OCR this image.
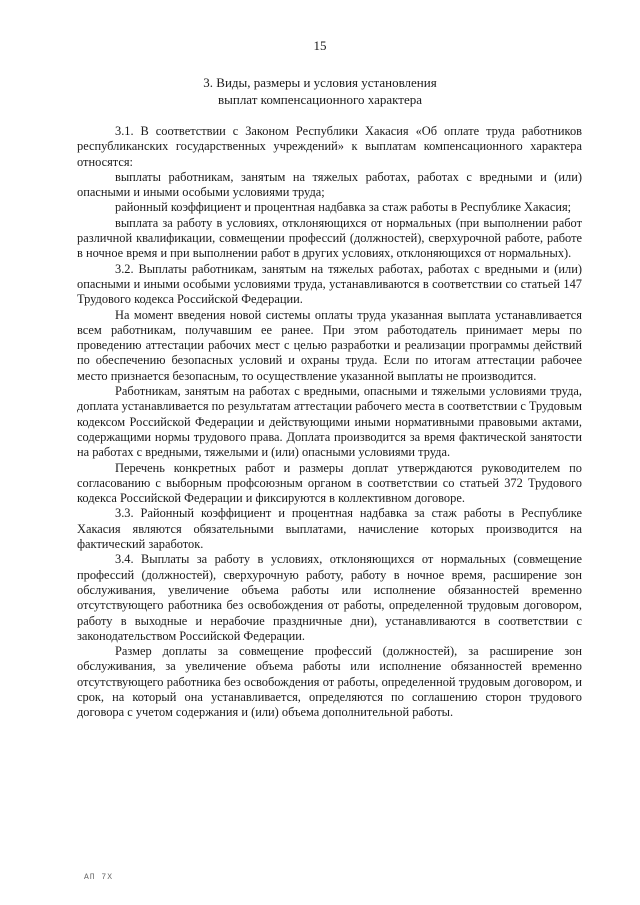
15
3. Виды, размеры и условия установления
выплат компенсационного характера

3.1. В соответствии с Законом Республики Хакасия «Об оплате труда работников республиканских государственных учреждений» к выплатам компенсационного характера относятся:

выплаты работникам, занятым на тяжелых работах, работах с вредными и (или) опасными и иными особыми условиями труда;

районный коэффициент и процентная надбавка за стаж работы в Республике Хакасия;

выплата за работу в условиях, отклоняющихся от нормальных (при выполнении работ различной квалификации, совмещении профессий (должностей), сверхурочной работе, работе в ночное время и при выполнении работ в других условиях, отклоняющихся от нормальных).

3.2. Выплаты работникам, занятым на тяжелых работах, работах с вредными и (или) опасными и иными особыми условиями труда, устанавливаются в соответствии со статьей 147 Трудового кодекса Российской Федерации.

На момент введения новой системы оплаты труда указанная выплата устанавливается всем работникам, получавшим ее ранее. При этом работодатель принимает меры по проведению аттестации рабочих мест с целью разработки и реализации программы действий по обеспечению безопасных условий и охраны труда. Если по итогам аттестации рабочее место признается безопасным, то осуществление указанной выплаты не производится.

Работникам, занятым на работах с вредными, опасными и тяжелыми условиями труда, доплата устанавливается по результатам аттестации рабочего места в соответствии с Трудовым кодексом Российской Федерации и действующими иными нормативными правовыми актами, содержащими нормы трудового права. Доплата производится за время фактической занятости на работах с вредными, тяжелыми и (или) опасными условиями труда.

Перечень конкретных работ и размеры доплат утверждаются руководителем по согласованию с выборным профсоюзным органом в соответствии со статьей 372 Трудового кодекса Российской Федерации и фиксируются в коллективном договоре.

3.3. Районный коэффициент и процентная надбавка за стаж работы в Республике Хакасия являются обязательными выплатами, начисление которых производится на фактический заработок.

3.4. Выплаты за работу в условиях, отклоняющихся от нормальных (совмещение профессий (должностей), сверхурочную работу, работу в ночное время, расширение зон обслуживания, увеличение объема работы или исполнение обязанностей временно отсутствующего работника без освобождения от работы, определенной трудовым договором, работу в выходные и нерабочие праздничные дни), устанавливаются в соответствии с законодательством Российской Федерации.

Размер доплаты за совмещение профессий (должностей), за расширение зон обслуживания, за увеличение объема работы или исполнение обязанностей временно отсутствующего работника без освобождения от работы, определенной трудовым договором, и срок, на который она устанавливается, определяются по соглашению сторон трудового договора с учетом содержания и (или) объема дополнительной работы.

АП 7Х
